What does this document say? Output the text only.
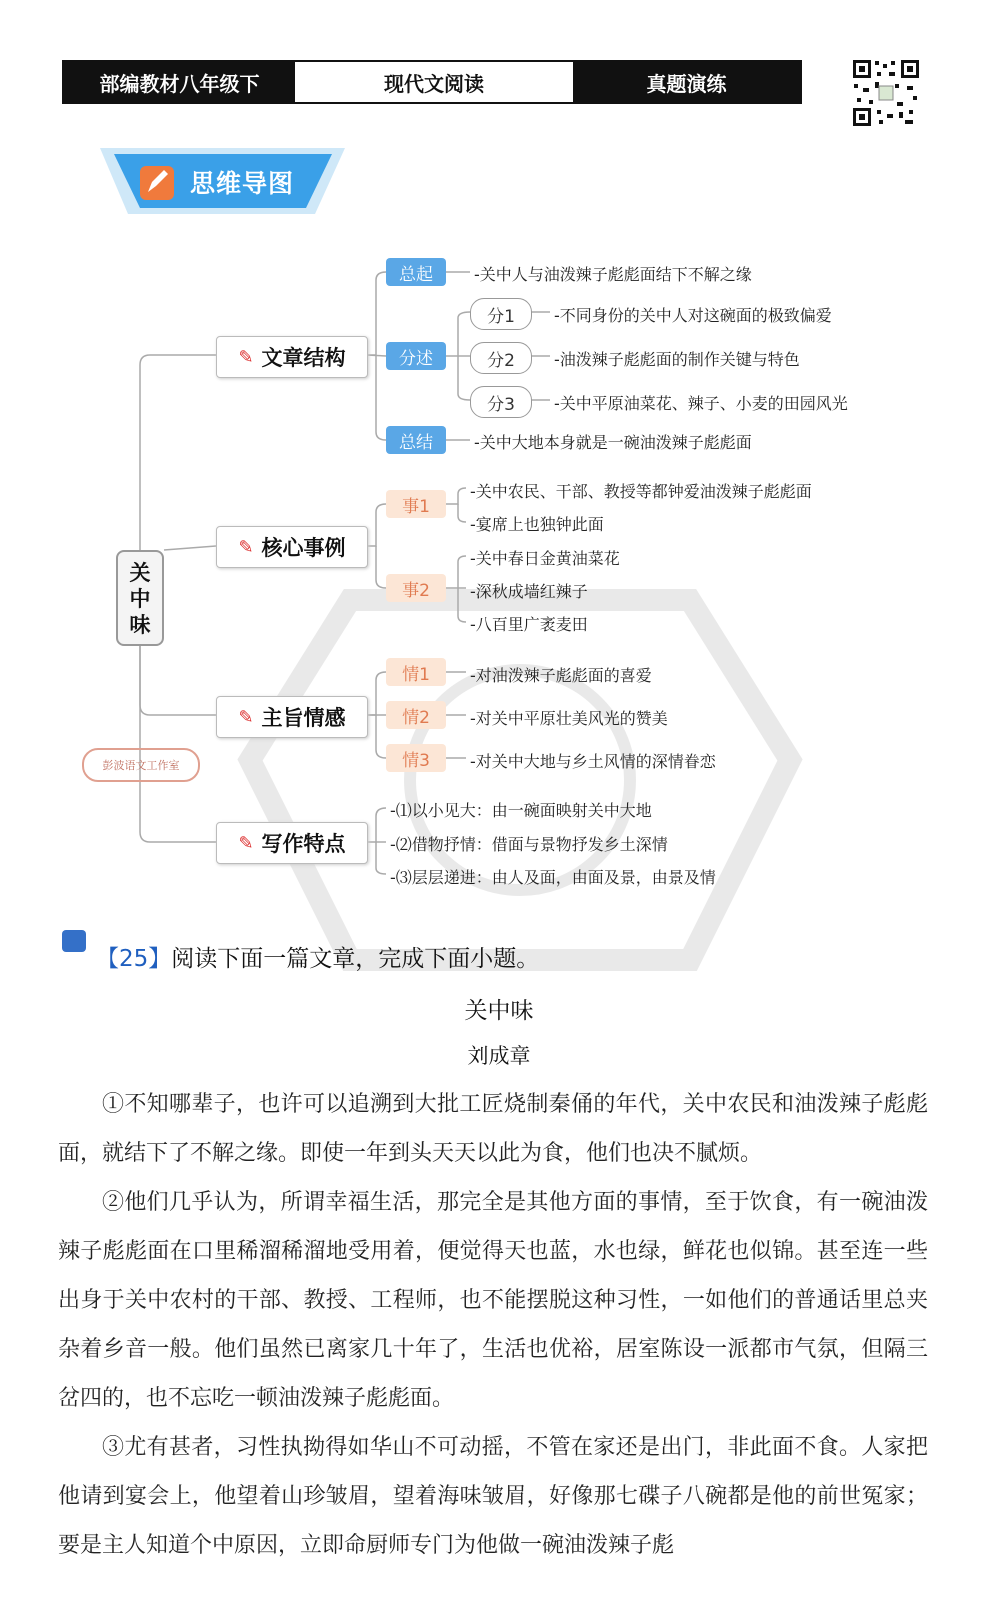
部编教材八年级下	现代文阅读	真题演练
思维导图
关中味
✎ 文章结构
总起
分述
总结
-关中人与油泼辣子彪彪面结下不解之缘
分1
分2
分3
-不同身份的关中人对这碗面的极致偏爱
-油泼辣子彪彪面的制作关键与特色
-关中平原油菜花、辣子、小麦的田园风光
-关中大地本身就是一碗油泼辣子彪彪面
✎ 核心事例
事1
事2
-关中农民、干部、教授等都钟爱油泼辣子彪彪面
-宴席上也独钟此面
-关中春日金黄油菜花
-深秋成墙红辣子
-八百里广袤麦田
✎ 主旨情感
情1
情2
情3
-对油泼辣子彪彪面的喜爱
-对关中平原壮美风光的赞美
-对关中大地与乡土风情的深情眷恋
✎ 写作特点
-⑴以小见大：由一碗面映射关中大地
-⑵借物抒情：借面与景物抒发乡土深情
-⑶层层递进：由人及面，由面及景，由景及情
彭波语文工作室
【25】阅读下面一篇文章，完成下面小题。
关中味
刘成章
①不知哪辈子，也许可以追溯到大批工匠烧制秦俑的年代，关中农民和油泼辣子彪彪面，就结下了不解之缘。即使一年到头天天以此为食，他们也决不腻烦。
②他们几乎认为，所谓幸福生活，那完全是其他方面的事情，至于饮食，有一碗油泼辣子彪彪面在口里稀溜稀溜地受用着，便觉得天也蓝，水也绿，鲜花也似锦。甚至连一些出身于关中农村的干部、教授、工程师，也不能摆脱这种习性，一如他们的普通话里总夹杂着乡音一般。他们虽然已离家几十年了，生活也优裕，居室陈设一派都市气氛，但隔三岔四的，也不忘吃一顿油泼辣子彪彪面。
③尤有甚者，习性执拗得如华山不可动摇，不管在家还是出门，非此面不食。人家把他请到宴会上，他望着山珍皱眉，望着海味皱眉，好像那七碟子八碗都是他的前世冤家；要是主人知道个中原因，立即命厨师专门为他做一碗油泼辣子彪
